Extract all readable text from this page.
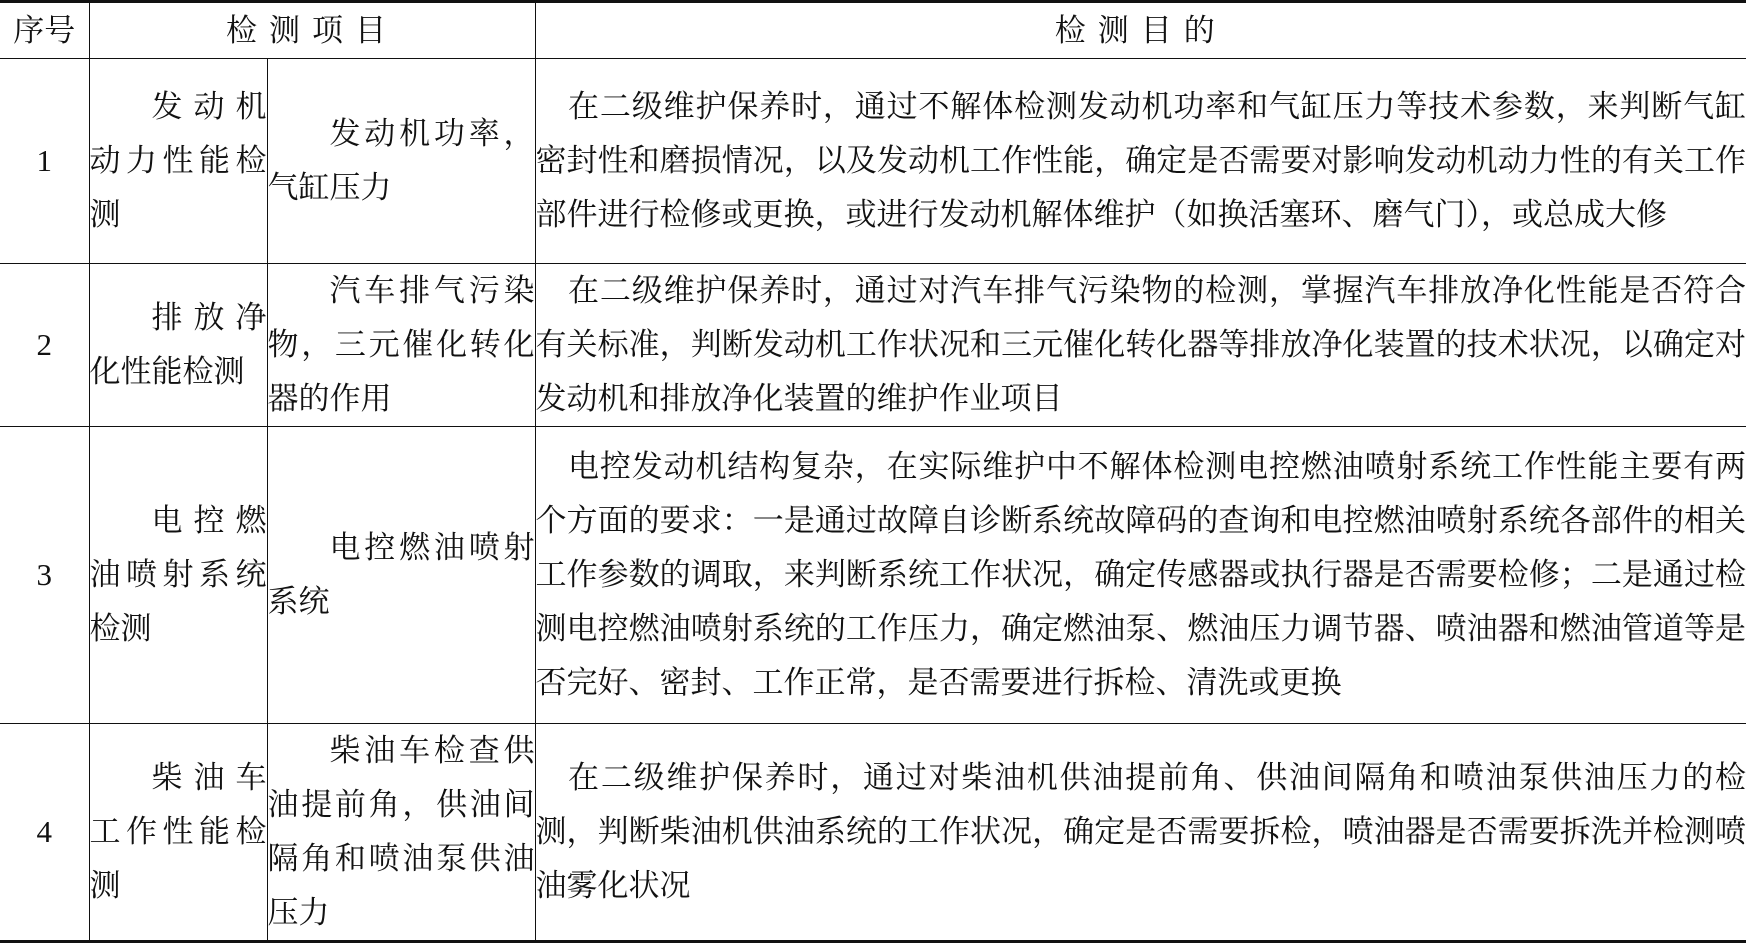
序号	检测项目		检测目的
1	发动机动力性能检测	发动机功率，气缸压力	在二级维护保养时，通过不解体检测发动机功率和气缸压力等技术参数，来判断气缸密封性和磨损情况，以及发动机工作性能，确定是否需要对影响发动机动力性的有关工作部件进行检修或更换，或进行发动机解体维护（如换活塞环、磨气门），或总成大修

2	排放净化性能检测	汽车排气污染物，三元催化转化器的作用	在二级维护保养时，通过对汽车排气污染物的检测，掌握汽车排放净化性能是否符合有关标准，判断发动机工作状况和三元催化转化器等排放净化装置的技术状况，以确定对发动机和排放净化装置的维护作业项目

3	电控燃油喷射系统检测	电控燃油喷射系统	电控发动机结构复杂，在实际维护中不解体检测电控燃油喷射系统工作性能主要有两个方面的要求：一是通过故障自诊断系统故障码的查询和电控燃油喷射系统各部件的相关工作参数的调取，来判断系统工作状况，确定传感器或执行器是否需要检修；二是通过检测电控燃油喷射系统的工作压力，确定燃油泵、燃油压力调节器、喷油器和燃油管道等是否完好、密封、工作正常，是否需要进行拆检、清洗或更换

4	柴油车工作性能检测	柴油车检查供油提前角，供油间隔角和喷油泵供油压力	在二级维护保养时，通过对柴油机供油提前角、供油间隔角和喷油泵供油压力的检测，判断柴油机供油系统的工作状况，确定是否需要拆检，喷油器是否需要拆洗并检测喷油雾化状况
